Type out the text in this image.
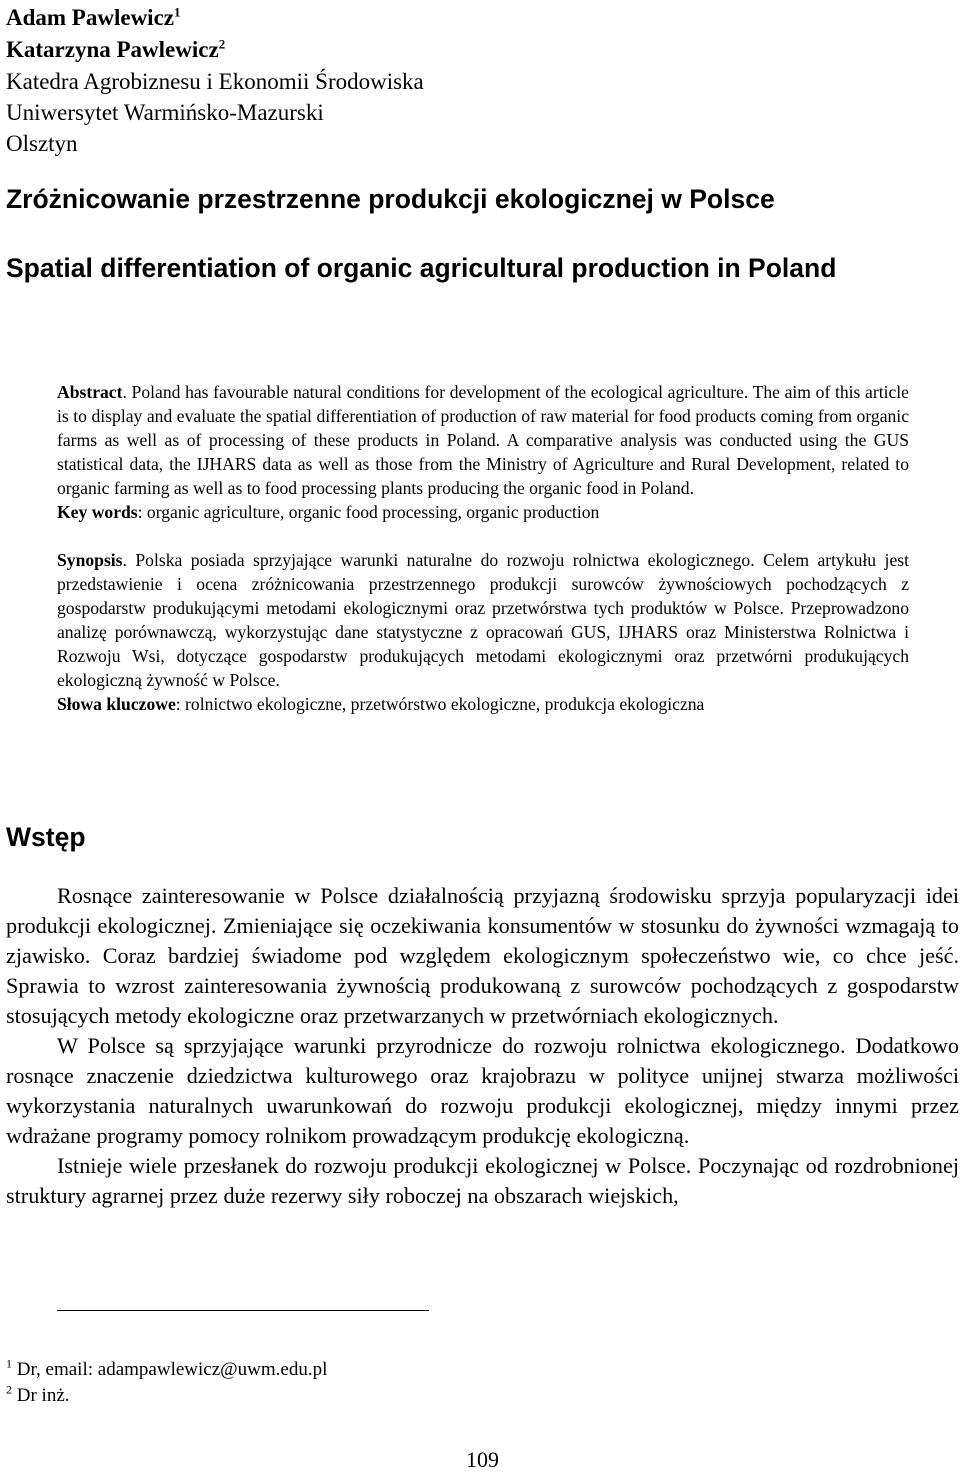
Adam Pawlewicz$^1$
Katarzyna Pawlewicz$^2$
Katedra Agrobiznesu i Ekonomii Środowiska
Uniwersytet Warmińsko-Mazurski
Olsztyn
Zróżnicowanie przestrzenne produkcji ekologicznej w Polsce
Spatial differentiation of organic agricultural production in Poland

Abstract. Poland has favourable natural conditions for development of the ecological agriculture. The aim of this article is to display and evaluate the spatial differentiation of production of raw material for food products coming from organic farms as well as of processing of these products in Poland. A comparative analysis was conducted using the GUS statistical data, the IJHARS data as well as those from the Ministry of Agriculture and Rural Development, related to organic farming as well as to food processing plants producing the organic food in Poland.

Key words: organic agriculture, organic food processing, organic production

Synopsis. Polska posiada sprzyjające warunki naturalne do rozwoju rolnictwa ekologicznego. Celem artykułu jest przedstawienie i ocena zróżnicowania przestrzennego produkcji surowców żywnościowych pochodzących z gospodarstw produkującymi metodami ekologicznymi oraz przetwórstwa tych produktów w Polsce. Przeprowadzono analizę porównawczą, wykorzystując dane statystyczne z opracowań GUS, IJHARS oraz Ministerstwa Rolnictwa i Rozwoju Wsi, dotyczące gospodarstw produkujących metodami ekologicznymi oraz przetwórni produkujących ekologiczną żywność w Polsce.

Słowa kluczowe: rolnictwo ekologiczne, przetwórstwo ekologiczne, produkcja ekologiczna

Wstęp

Rosnące zainteresowanie w Polsce działalnością przyjazną środowisku sprzyja popularyzacji idei produkcji ekologicznej. Zmieniające się oczekiwania konsumentów w stosunku do żywności wzmagają to zjawisko. Coraz bardziej świadome pod względem ekologicznym społeczeństwo wie, co chce jeść. Sprawia to wzrost zainteresowania żywnością produkowaną z surowców pochodzących z gospodarstw stosujących metody ekologiczne oraz przetwarzanych w przetwórniach ekologicznych.

W Polsce są sprzyjające warunki przyrodnicze do rozwoju rolnictwa ekologicznego. Dodatkowo rosnące znaczenie dziedzictwa kulturowego oraz krajobrazu w polityce unijnej stwarza możliwości wykorzystania naturalnych uwarunkowań do rozwoju produkcji ekologicznej, między innymi przez wdrażane programy pomocy rolnikom prowadzącym produkcję ekologiczną.

Istnieje wiele przesłanek do rozwoju produkcji ekologicznej w Polsce. Poczynając od rozdrobnionej struktury agrarnej przez duże rezerwy siły roboczej na obszarach wiejskich,

$^1$ Dr, email: adampawlewicz@uwm.edu.pl
$^2$ Dr inż.
109
